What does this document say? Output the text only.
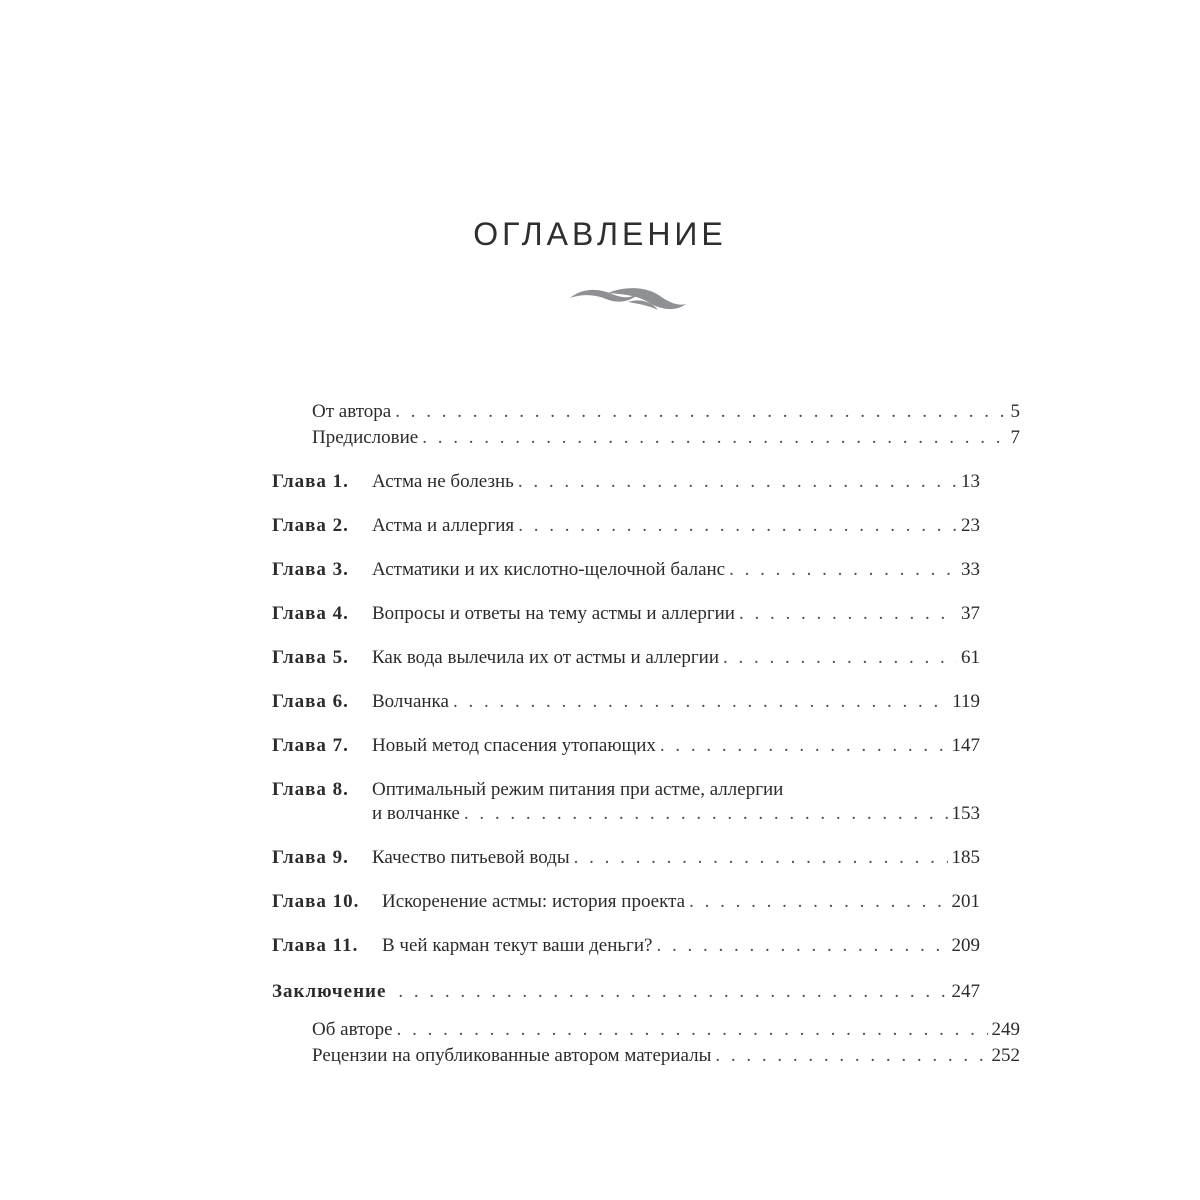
ОГЛАВЛЕНИЕ
От автора . . .	5
Предисловие . . .	7
Глава 1.	Астма не болезнь . . .	13
Глава 2.	Астма и аллергия . . .	23
Глава 3.	Астматики и их кислотно-щелочной баланс . . .	33
Глава 4.	Вопросы и ответы на тему астмы и аллергии . . .	37
Глава 5.	Как вода вылечила их от астмы и аллергии . . .	61
Глава 6.	Волчанка . . .	119
Глава 7.	Новый метод спасения утопающих . . .	147
Глава 8.	Оптимальный режим питания при астме, аллергии
и волчанке . . .	153
Глава 9.	Качество питьевой воды . . .	185
Глава 10.	Искоренение астмы: история проекта . . .	201
Глава 11.	В чей карман текут ваши деньги? . . .	209
Заключение . . .	247
Об авторе . . .	249
Рецензии на опубликованные автором материалы . . .	252
